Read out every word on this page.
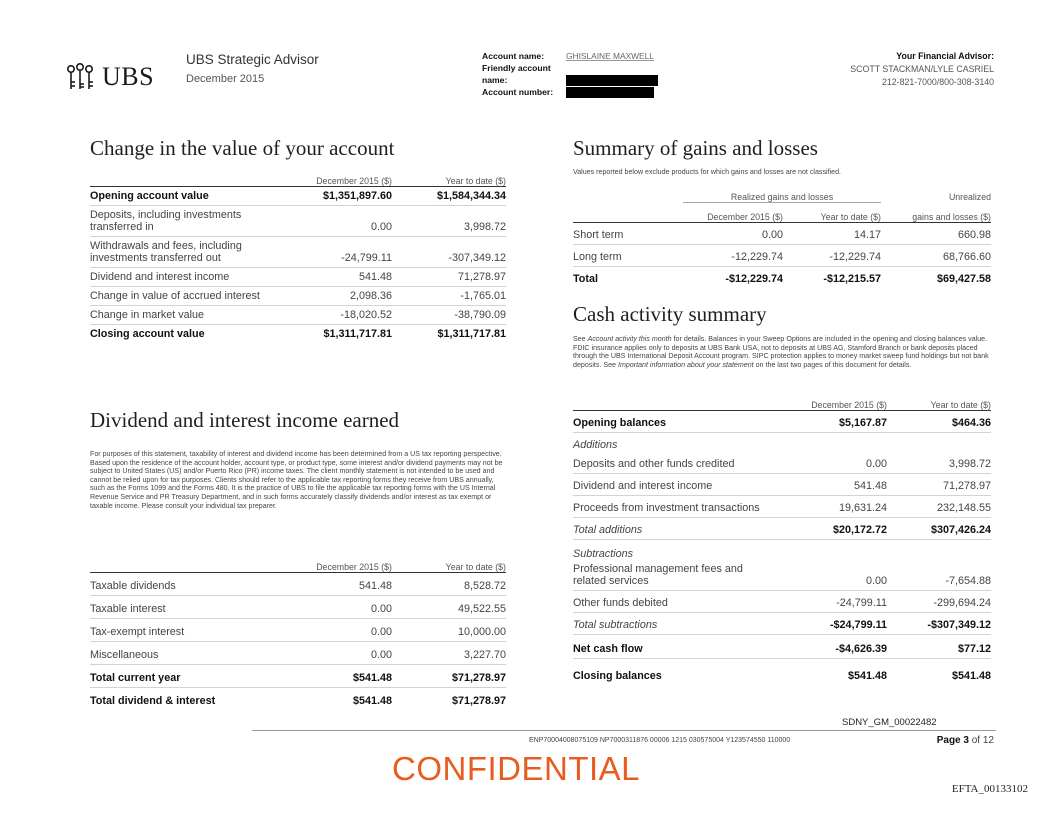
UBS
UBS Strategic Advisor
December 2015
Account name:	GHISLAINE MAXWELL
Friendly account name:
Account number:
Your Financial Advisor:
SCOTT STACKMAN/LYLE CASRIEL
212-821-7000/800-308-3140
Change in the value of your account
	December 2015 ($)	Year to date ($)
Opening account value	$1,351,897.60	$1,584,344.34
Deposits, including investments transferred in	0.00	3,998.72
Withdrawals and fees, including investments transferred out	-24,799.11	-307,349.12
Dividend and interest income	541.48	71,278.97
Change in value of accrued interest	2,098.36	-1,765.01
Change in market value	-18,020.52	-38,790.09
Closing account value	$1,311,717.81	$1,311,717.81
Dividend and interest income earned
For purposes of this statement, taxability of interest and dividend income has been determined from a US tax reporting perspective. Based upon the residence of the account holder, account type, or product type, some interest and/or dividend payments may not be subject to United States (US) and/or Puerto Rico (PR) income taxes. The client monthly statement is not intended to be used and cannot be relied upon for tax purposes. Clients should refer to the applicable tax reporting forms they receive from UBS annually, such as the Forms 1099 and the Forms 480. It is the practice of UBS to file the applicable tax reporting forms with the US Internal Revenue Service and PR Treasury Department, and in such forms accurately classify dividends and/or interest as tax exempt or taxable income. Please consult your individual tax preparer.
	December 2015 ($)	Year to date ($)
Taxable dividends	541.48	8,528.72
Taxable interest	0.00	49,522.55
Tax-exempt interest	0.00	10,000.00
Miscellaneous	0.00	3,227.70
Total current year	$541.48	$71,278.97
Total dividend & interest	$541.48	$71,278.97
Summary of gains and losses
Values reported below exclude products for which gains and losses are not classified.
	Realized gains and losses		Unrealized
	December 2015 ($)	Year to date ($)	gains and losses ($)
Short term	0.00	14.17	660.98
Long term	-12,229.74	-12,229.74	68,766.60
Total	-$12,229.74	-$12,215.57	$69,427.58
Cash activity summary
See Account activity this month for details. Balances in your Sweep Options are included in the opening and closing balances value. FDIC insurance applies only to deposits at UBS Bank USA, not to deposits at UBS AG, Stamford Branch or bank deposits placed through the UBS International Deposit Account program. SIPC protection applies to money market sweep fund holdings but not bank deposits. See Important information about your statement on the last two pages of this document for details.
	December 2015 ($)	Year to date ($)
Opening balances	$5,167.87	$464.36
Additions		
Deposits and other funds credited	0.00	3,998.72
Dividend and interest income	541.48	71,278.97
Proceeds from investment transactions	19,631.24	232,148.55
Total additions	$20,172.72	$307,426.24
Subtractions		
Professional management fees and related services	0.00	-7,654.88
Other funds debited	-24,799.11	-299,694.24
Total subtractions	-$24,799.11	-$307,349.12
Net cash flow	-$4,626.39	$77.12
Closing balances	$541.48	$541.48
SDNY_GM_00022482
ENP70004008075109 NP7000311876 00006 1215 030575004 Y123574550 110000	Page 3 of 12
CONFIDENTIAL
EFTA_00133102
